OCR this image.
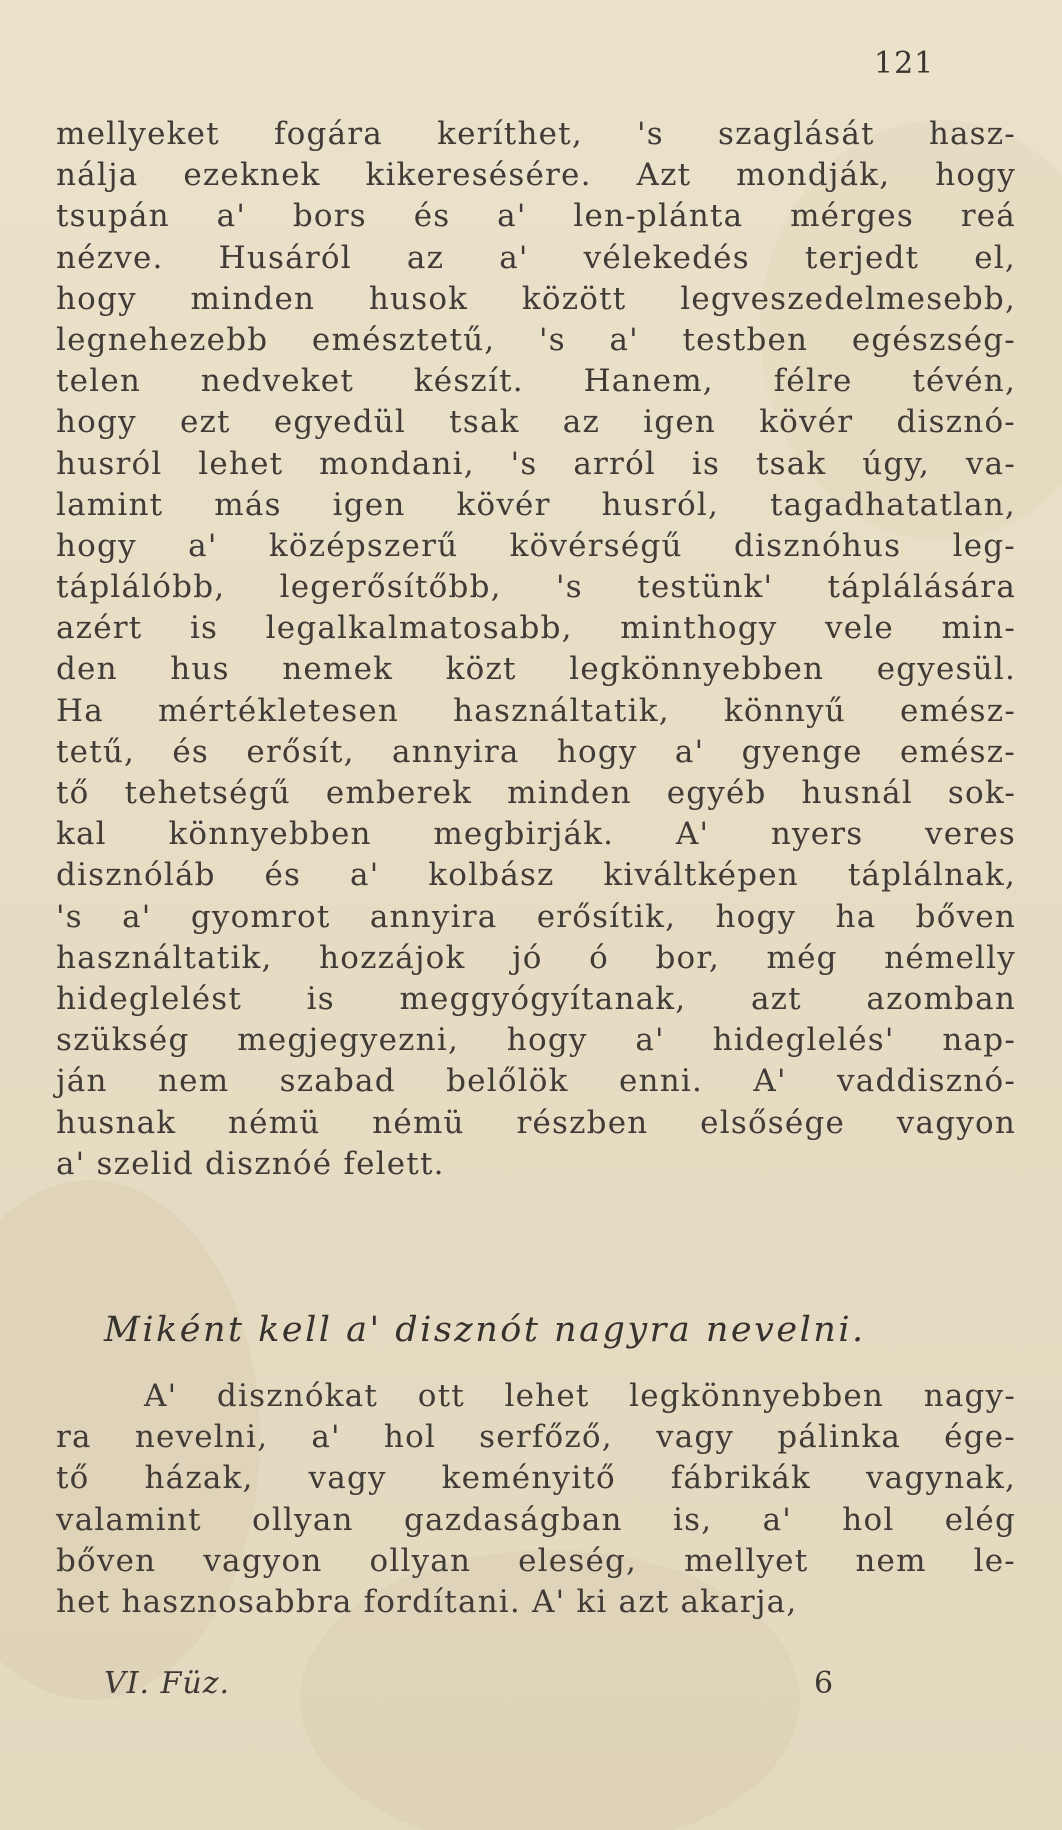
121
mellyeket fogára keríthet, 's szaglását hasz-
nálja ezeknek kikeresésére. Azt mondják, hogy
tsupán a' bors és a' len-plánta mérges reá
nézve. Husáról az a' vélekedés terjedt el,
hogy minden husok között legveszedelmesebb,
legnehezebb emésztetű, 's a' testben egészség-
telen nedveket készít. Hanem, félre tévén,
hogy ezt egyedül tsak az igen kövér disznó-
husról lehet mondani, 's arról is tsak úgy, va-
lamint más igen kövér husról, tagadhatatlan,
hogy a' középszerű kövérségű disznóhus leg-
táplálóbb, legerősítőbb, 's testünk' táplálására
azért is legalkalmatosabb, minthogy vele min-
den hus nemek közt legkönnyebben egyesül.
Ha mértékletesen használtatik, könnyű emész-
tetű, és erősít, annyira hogy a' gyenge emész-
tő tehetségű emberek minden egyéb husnál sok-
kal könnyebben megbirják. A' nyers veres
disznóláb és a' kolbász kiváltképen táplálnak,
's a' gyomrot annyira erősítik, hogy ha bőven
használtatik, hozzájok jó ó bor, még némelly
hideglelést is meggyógyítanak, azt azomban
szükség megjegyezni, hogy a' hideglelés' nap-
ján nem szabad belőlök enni. A' vaddisznó-
husnak némü némü részben elsősége vagyon
a' szelid disznóé felett.
Miként kell a' disznót nagyra nevelni.
A' disznókat ott lehet legkönnyebben nagy-
ra nevelni, a' hol serfőző, vagy pálinka ége-
tő házak, vagy keményitő fábrikák vagynak,
valamint ollyan gazdaságban is, a' hol elég
bőven vagyon ollyan eleség, mellyet nem le-
het hasznosabbra fordítani. A' ki azt akarja,
VI. Füz.	6
